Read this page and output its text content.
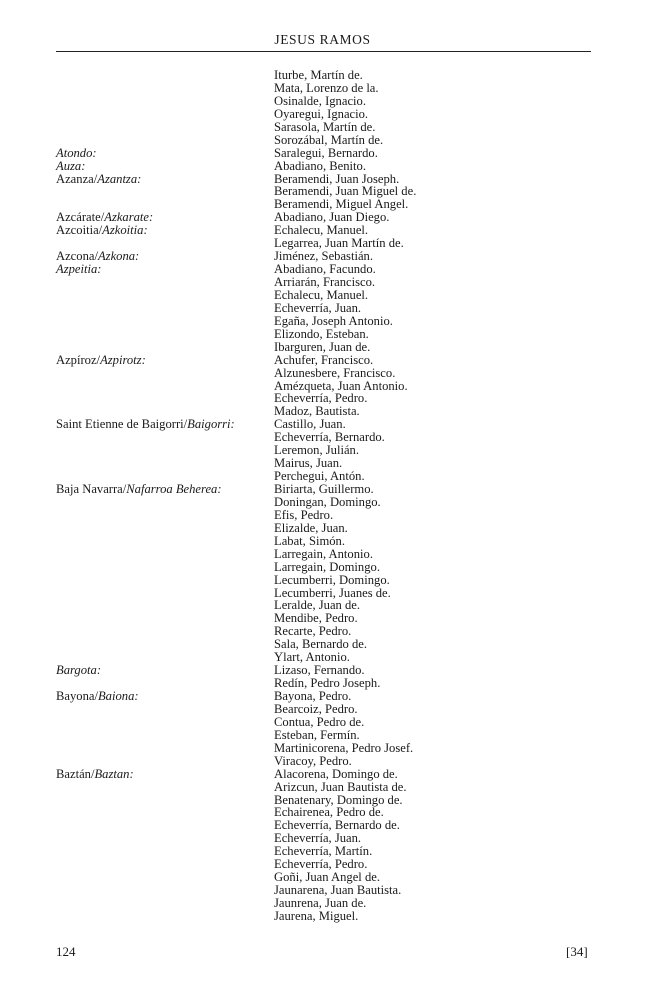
JESUS RAMOS
Iturbe, Martín de.
Mata, Lorenzo de la.
Osinalde, Ignacio.
Oyaregui, Ignacio.
Sarasola, Martín de.
Sorozábal, Martín de.
Atondo:	Saralegui, Bernardo.
Auza:	Abadiano, Benito.
Azanza/Azantza:	Beramendi, Juan Joseph.
Beramendi, Juan Miguel de.
Beramendi, Miguel Angel.
Azcárate/Azkarate:	Abadiano, Juan Diego.
Azcoitia/Azkoitia:	Echalecu, Manuel.
Legarrea, Juan Martín de.
Azcona/Azkona:	Jiménez, Sebastián.
Azpeitia:	Abadiano, Facundo.
Arriarán, Francisco.
Echalecu, Manuel.
Echeverría, Juan.
Egaña, Joseph Antonio.
Elizondo, Esteban.
Ibarguren, Juan de.
Azpíroz/Azpirotz:	Achufer, Francisco.
Alzunesbere, Francisco.
Amézqueta, Juan Antonio.
Echeverría, Pedro.
Madoz, Bautista.
Saint Etienne de Baigorri/Baigorri:	Castillo, Juan.
Echeverría, Bernardo.
Leremon, Julián.
Mairus, Juan.
Perchegui, Antón.
Baja Navarra/Nafarroa Beherea:	Biriarta, Guillermo.
Doningan, Domingo.
Efis, Pedro.
Elizalde, Juan.
Labat, Simón.
Larregain, Antonio.
Larregain, Domingo.
Lecumberri, Domingo.
Lecumberri, Juanes de.
Leralde, Juan de.
Mendibe, Pedro.
Recarte, Pedro.
Sala, Bernardo de.
Ylart, Antonio.
Bargota:	Lizaso, Fernando.
Redín, Pedro Joseph.
Bayona/Baiona:	Bayona, Pedro.
Bearcoiz, Pedro.
Contua, Pedro de.
Esteban, Fermín.
Martinicorena, Pedro Josef.
Viracoy, Pedro.
Baztán/Baztan:	Alacorena, Domingo de.
Arizcun, Juan Bautista de.
Benatenary, Domingo de.
Echairenea, Pedro de.
Echeverría, Bernardo de.
Echeverría, Juan.
Echeverría, Martín.
Echeverría, Pedro.
Goñi, Juan Angel de.
Jaunarena, Juan Bautista.
Jaunrena, Juan de.
Jaurena, Miguel.
124	[34]
